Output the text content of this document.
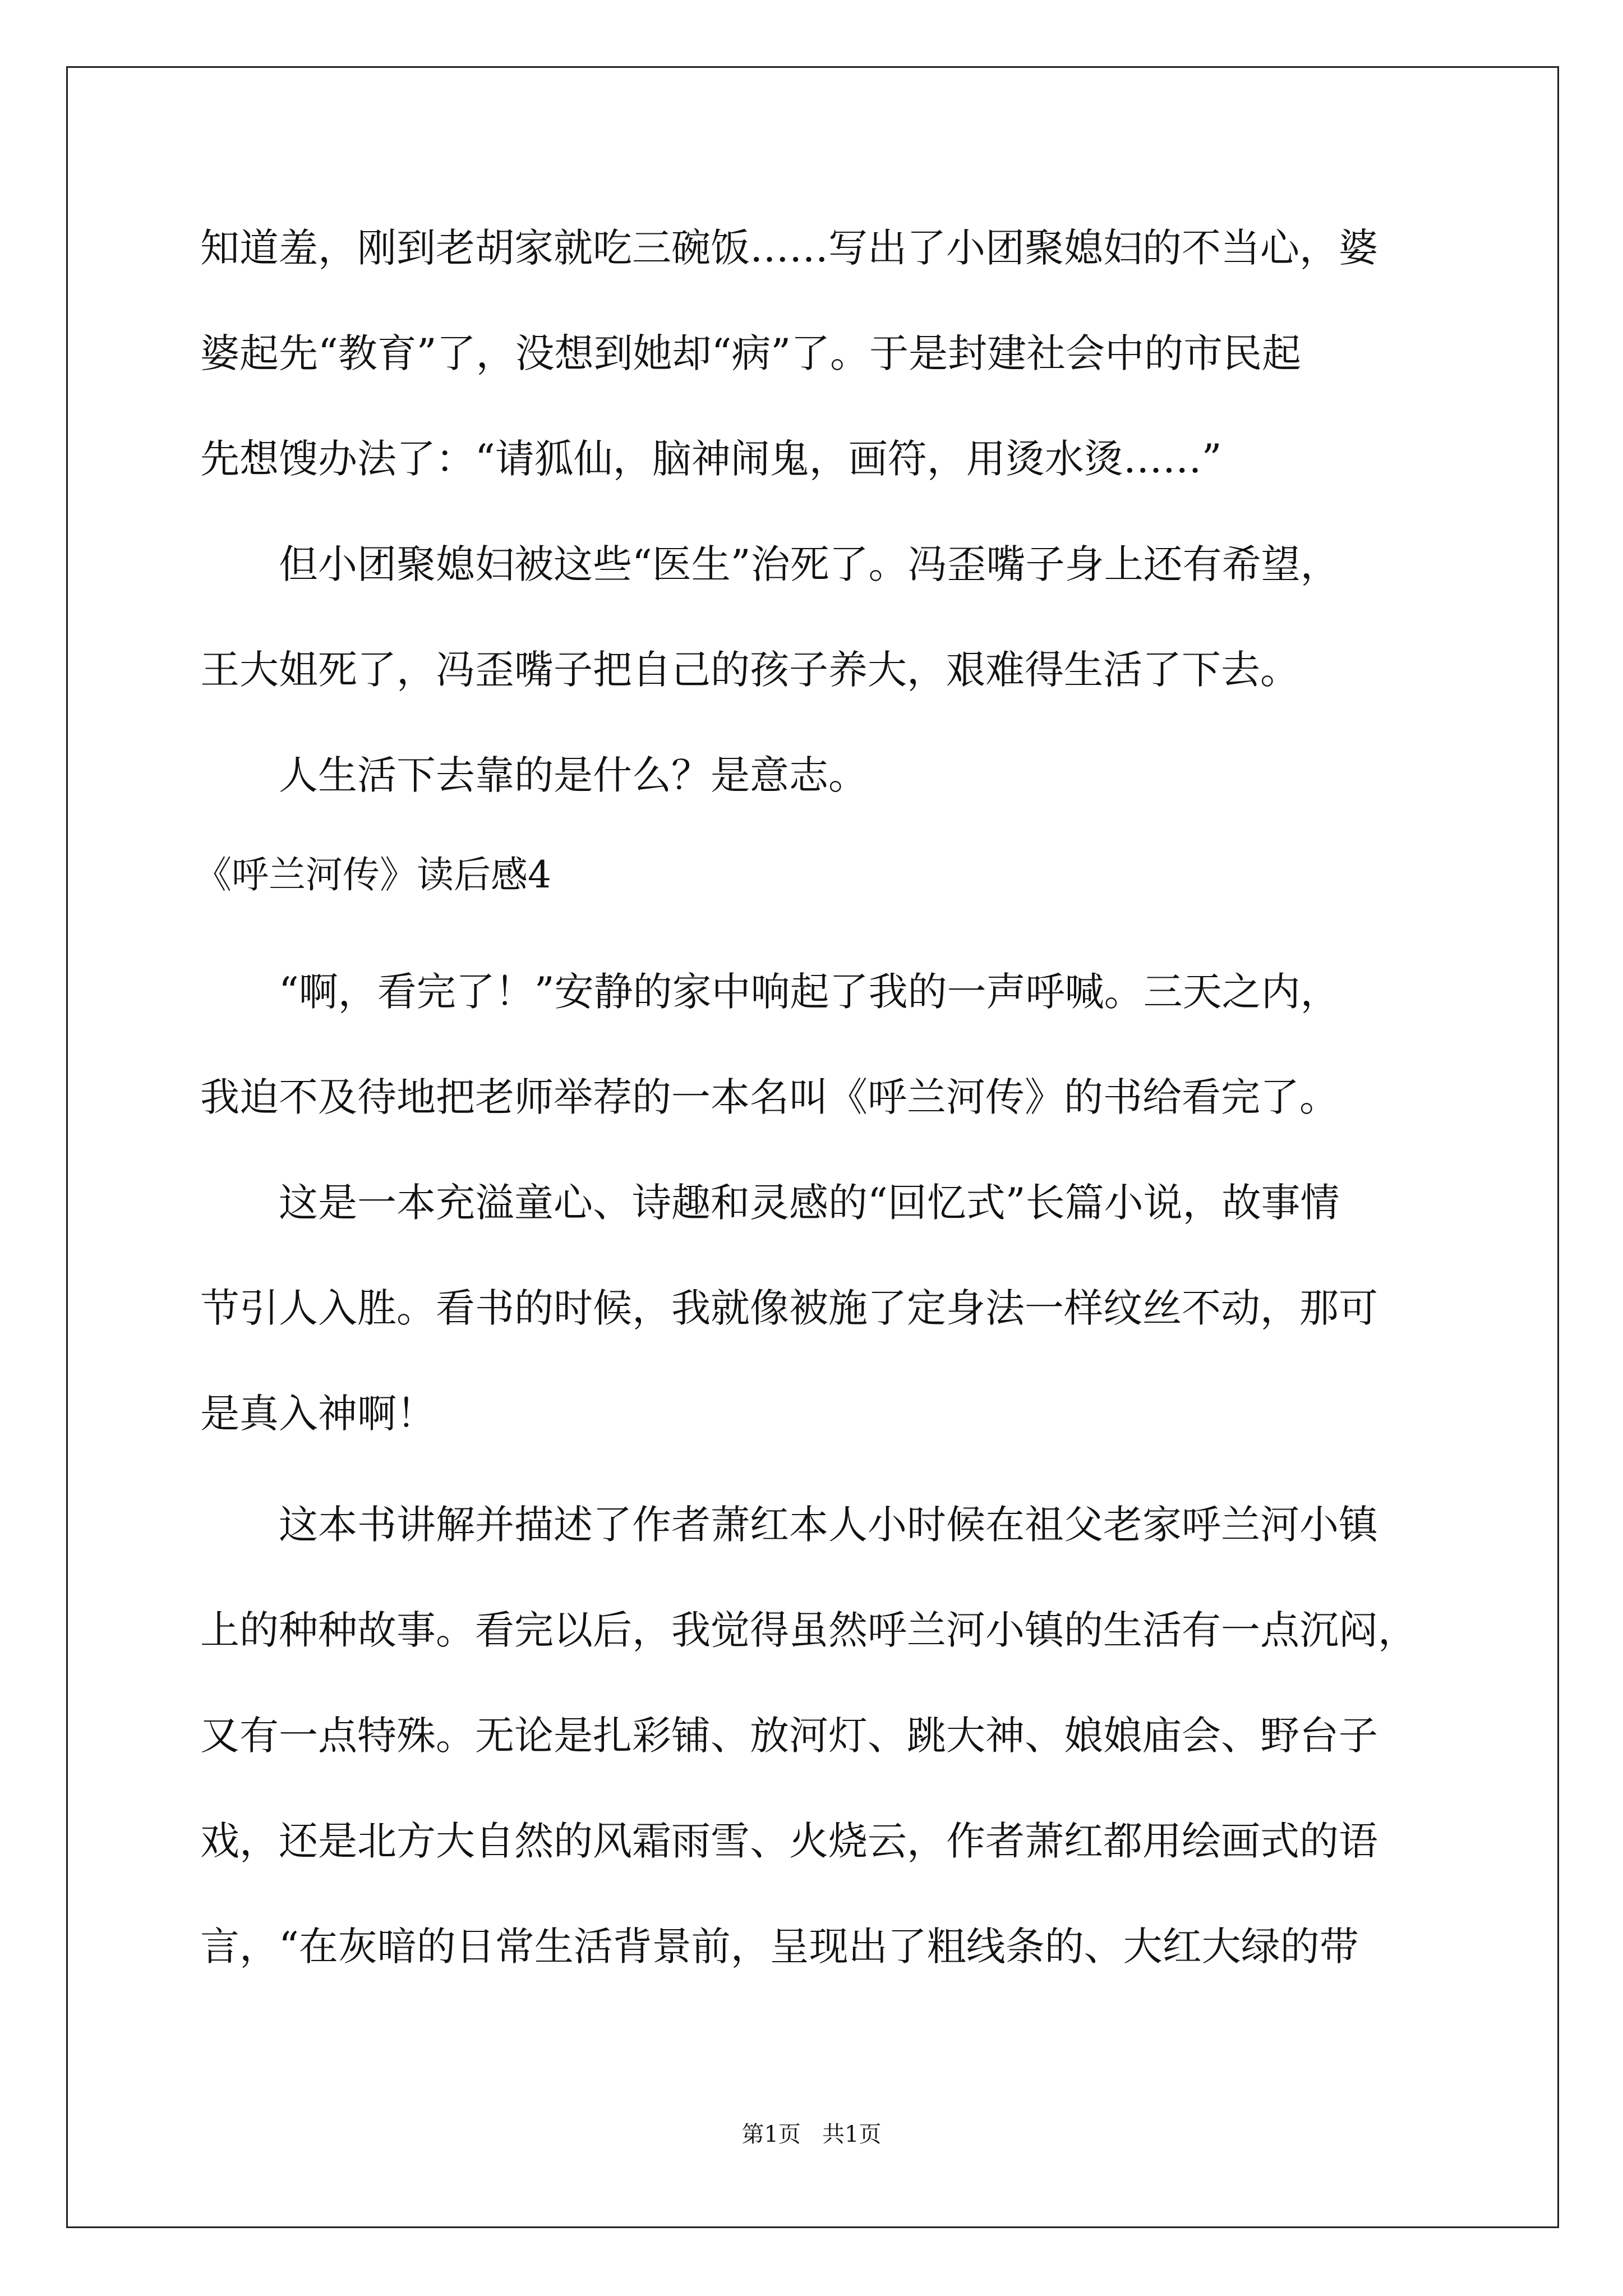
知道羞，刚到老胡家就吃三碗饭……写出了小团聚媳妇的不当心，婆
婆起先“教育”了，没想到她却“病”了。于是封建社会中的市民起
先想馊办法了：“请狐仙，脑神闹鬼，画符，用烫水烫……”
但小团聚媳妇被这些“医生”治死了。冯歪嘴子身上还有希望，
王大姐死了，冯歪嘴子把自己的孩子养大，艰难得生活了下去。
人生活下去靠的是什么？是意志。
《呼兰河传》读后感4
“啊，看完了！”安静的家中响起了我的一声呼喊。三天之内，
我迫不及待地把老师举荐的一本名叫《呼兰河传》的书给看完了。
这是一本充溢童心、诗趣和灵感的“回忆式”长篇小说，故事情
节引人入胜。看书的时候，我就像被施了定身法一样纹丝不动，那可
是真入神啊！
这本书讲解并描述了作者萧红本人小时候在祖父老家呼兰河小镇
上的种种故事。看完以后，我觉得虽然呼兰河小镇的生活有一点沉闷，
又有一点特殊。无论是扎彩铺、放河灯、跳大神、娘娘庙会、野台子
戏，还是北方大自然的风霜雨雪、火烧云，作者萧红都用绘画式的语
言，“在灰暗的日常生活背景前，呈现出了粗线条的、大红大绿的带
第1页   共1页
